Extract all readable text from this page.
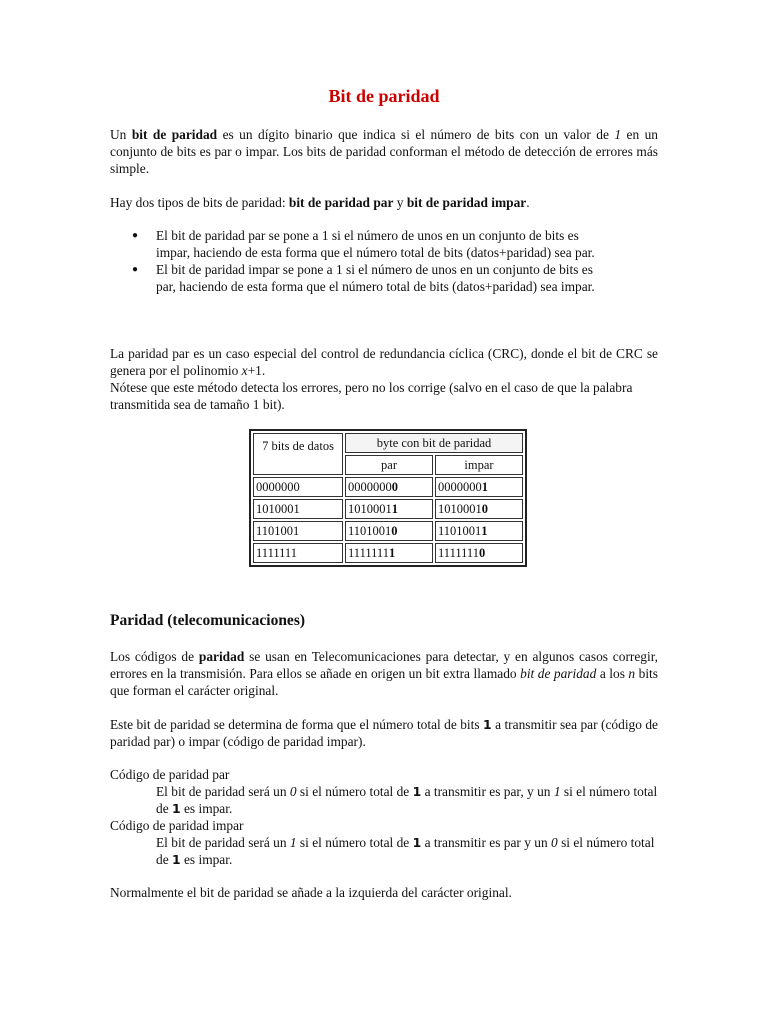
Bit de paridad
Un bit de paridad es un dígito binario que indica si el número de bits con un valor de 1 en un conjunto de bits es par o impar. Los bits de paridad conforman el método de detección de errores más simple.
Hay dos tipos de bits de paridad: bit de paridad par y bit de paridad impar.
● El bit de paridad par se pone a 1 si el número de unos en un conjunto de bits es impar, haciendo de esta forma que el número total de bits (datos+paridad) sea par.
● El bit de paridad impar se pone a 1 si el número de unos en un conjunto de bits es par, haciendo de esta forma que el número total de bits (datos+paridad) sea impar.
La paridad par es un caso especial del control de redundancia cíclica (CRC), donde el bit de CRC se genera por el polinomio x+1.
Nótese que este método detecta los errores, pero no los corrige (salvo en el caso de que la palabra transmitida sea de tamaño 1 bit).
7 bits de datos	byte con bit de paridad	
	par	impar
0000000	00000000	00000001
1010001	10100011	10100010
1101001	11010010	11010011
1111111	11111111	11111110
Paridad (telecomunicaciones)
Los códigos de paridad se usan en Telecomunicaciones para detectar, y en algunos casos corregir, errores en la transmisión. Para ellos se añade en origen un bit extra llamado bit de paridad a los n bits que forman el carácter original.
Este bit de paridad se determina de forma que el número total de bits 1 a transmitir sea par (código de paridad par) o impar (código de paridad impar).
Código de paridad par
El bit de paridad será un 0 si el número total de 1 a transmitir es par, y un 1 si el número total de 1 es impar.
Código de paridad impar
El bit de paridad será un 1 si el número total de 1 a transmitir es par y un 0 si el número total de 1 es impar.
Normalmente el bit de paridad se añade a la izquierda del carácter original.
